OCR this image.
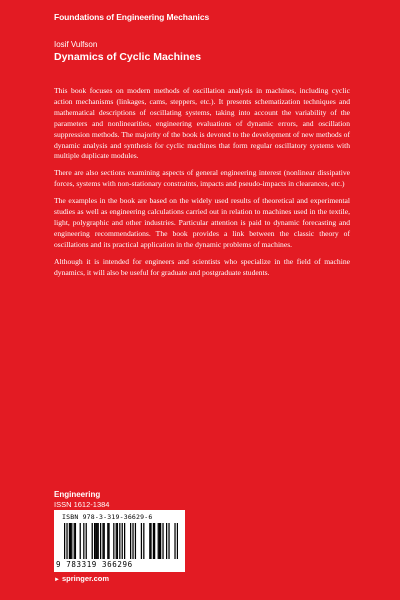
Foundations of Engineering Mechanics
Iosif Vulfson
Dynamics of Cyclic Machines

This book focuses on modern methods of oscillation analysis in machines, including cyclic action mechanisms (linkages, cams, steppers, etc.). It presents schematization techniques and mathematical descriptions of oscillating systems, taking into account the variability of the parameters and nonlinearities, engineering evaluations of dynamic errors, and oscillation suppression methods. The majority of the book is devoted to the development of new methods of dynamic analysis and synthesis for cyclic machines that form regular oscillatory systems with multiple duplicate modules.

There are also sections examining aspects of general engineering interest (nonlinear dissipative forces, systems with non-stationary constraints, impacts and pseudo-impacts in clearances, etc.)

The examples in the book are based on the widely used results of theoretical and experimental studies as well as engineering calculations carried out in relation to machines used in the textile, light, polygraphic and other industries. Particular attention is paid to dynamic forecasting and engineering recommendations. The book provides a link between the classic theory of oscillations and its practical application in the dynamic problems of machines.

Although it is intended for engineers and scientists who specialize in the field of machine dynamics, it will also be useful for graduate and postgraduate students.

Engineering
ISSN 1612-1384
ISBN 978-3-319-36629-6
9 783319 366296
► springer.com
